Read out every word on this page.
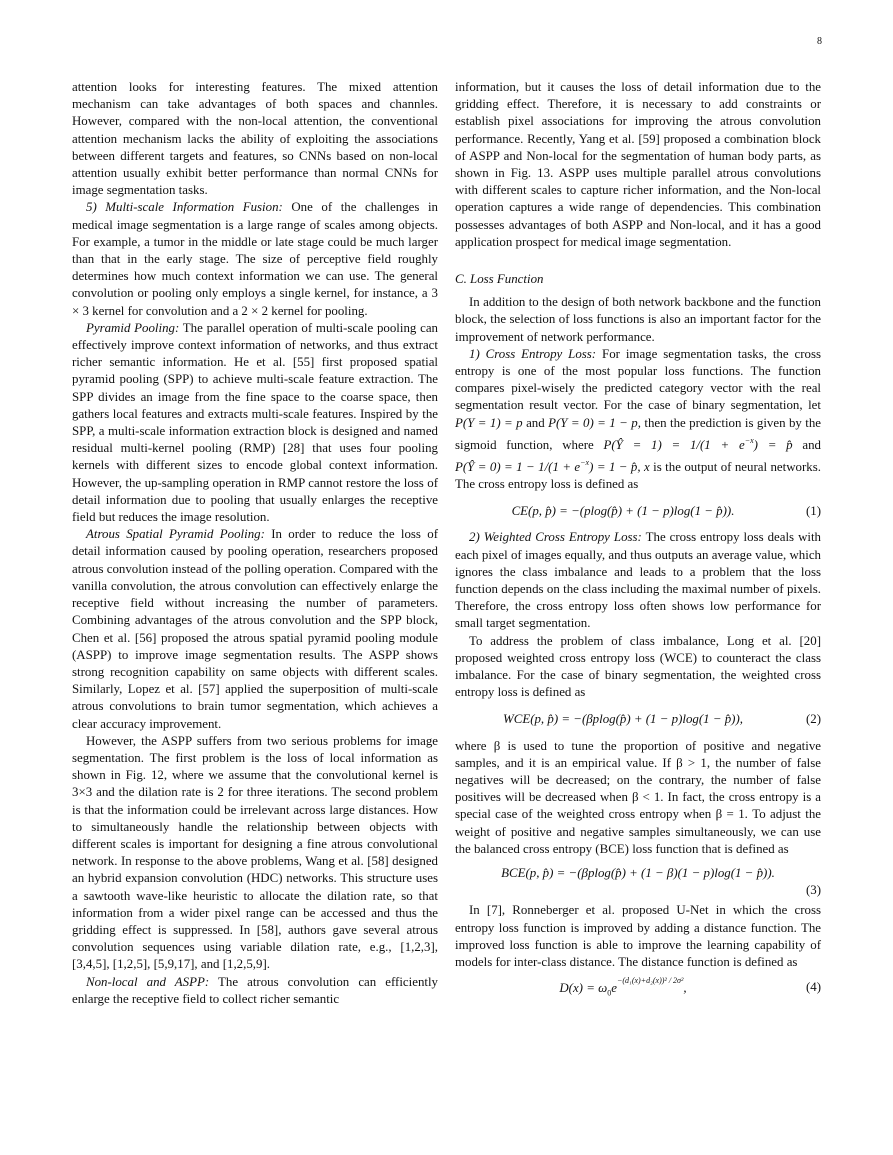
8

attention looks for interesting features. The mixed attention mechanism can take advantages of both spaces and channles. However, compared with the non-local attention, the conventional attention mechanism lacks the ability of exploiting the associations between different targets and features, so CNNs based on non-local attention usually exhibit better performance than normal CNNs for image segmentation tasks.

5) Multi-scale Information Fusion: One of the challenges in medical image segmentation is a large range of scales among objects. For example, a tumor in the middle or late stage could be much larger than that in the early stage. The size of perceptive field roughly determines how much context information we can use. The general convolution or pooling only employs a single kernel, for instance, a 3 × 3 kernel for convolution and a 2 × 2 kernel for pooling.

Pyramid Pooling: The parallel operation of multi-scale pooling can effectively improve context information of networks, and thus extract richer semantic information. He et al. [55] first proposed spatial pyramid pooling (SPP) to achieve multi-scale feature extraction. The SPP divides an image from the fine space to the coarse space, then gathers local features and extracts multi-scale features. Inspired by the SPP, a multi-scale information extraction block is designed and named residual multi-kernel pooling (RMP) [28] that uses four pooling kernels with different sizes to encode global context information. However, the up-sampling operation in RMP cannot restore the loss of detail information due to pooling that usually enlarges the receptive field but reduces the image resolution.

Atrous Spatial Pyramid Pooling: In order to reduce the loss of detail information caused by pooling operation, researchers proposed atrous convolution instead of the polling operation. Compared with the vanilla convolution, the atrous convolution can effectively enlarge the receptive field without increasing the number of parameters. Combining advantages of the atrous convolution and the SPP block, Chen et al. [56] proposed the atrous spatial pyramid pooling module (ASPP) to improve image segmentation results. The ASPP shows strong recognition capability on same objects with different scales. Similarly, Lopez et al. [57] applied the superposition of multi-scale atrous convolutions to brain tumor segmentation, which achieves a clear accuracy improvement.

However, the ASPP suffers from two serious problems for image segmentation. The first problem is the loss of local information as shown in Fig. 12, where we assume that the convolutional kernel is 3×3 and the dilation rate is 2 for three iterations. The second problem is that the information could be irrelevant across large distances. How to simultaneously handle the relationship between objects with different scales is important for designing a fine atrous convolutional network. In response to the above problems, Wang et al. [58] designed an hybrid expansion convolution (HDC) networks. This structure uses a sawtooth wave-like heuristic to allocate the dilation rate, so that information from a wider pixel range can be accessed and thus the gridding effect is suppressed. In [58], authors gave several atrous convolution sequences using variable dilation rate, e.g., [1,2,3], [3,4,5], [1,2,5], [5,9,17], and [1,2,5,9].

Non-local and ASPP: The atrous convolution can efficiently enlarge the receptive field to collect richer semantic

information, but it causes the loss of detail information due to the gridding effect. Therefore, it is necessary to add constraints or establish pixel associations for improving the atrous convolution performance. Recently, Yang et al. [59] proposed a combination block of ASPP and Non-local for the segmentation of human body parts, as shown in Fig. 13. ASPP uses multiple parallel atrous convolutions with different scales to capture richer information, and the Non-local operation captures a wide range of dependencies. This combination possesses advantages of both ASPP and Non-local, and it has a good application prospect for medical image segmentation.

C. Loss Function

In addition to the design of both network backbone and the function block, the selection of loss functions is also an important factor for the improvement of network performance.

1) Cross Entropy Loss: For image segmentation tasks, the cross entropy is one of the most popular loss functions. The function compares pixel-wisely the predicted category vector with the real segmentation result vector. For the case of binary segmentation, let P(Y = 1) = p and P(Y = 0) = 1 − p, then the prediction is given by the sigmoid function, where P(Ŷ = $1) = 1/(1 + e^{-x})$ = p̂ and P(Ŷ = $0) = 1 - 1/(1 + e^{-x}) = 1$ − p̂, x is the output of neural networks. The cross entropy loss is defined as

CE(p, p̂) = −(plog(p̂) + (1 − p)log(1 − p̂)).	(1)

2) Weighted Cross Entropy Loss: The cross entropy loss deals with each pixel of images equally, and thus outputs an average value, which ignores the class imbalance and leads to a problem that the loss function depends on the class including the maximal number of pixels. Therefore, the cross entropy loss often shows low performance for small target segmentation.

To address the problem of class imbalance, Long et al. [20] proposed weighted cross entropy loss (WCE) to counteract the class imbalance. For the case of binary segmentation, the weighted cross entropy loss is defined as

WCE(p, p̂) = −(βplog(p̂) + (1 − p)log(1 − p̂)),	(2)

where β is used to tune the proportion of positive and negative samples, and it is an empirical value. If β > 1, the number of false negatives will be decreased; on the contrary, the number of false positives will be decreased when β < 1. In fact, the cross entropy is a special case of the weighted cross entropy when β = 1. To adjust the weight of positive and negative samples simultaneously, we can use the balanced cross entropy (BCE) loss function that is defined as

BCE(p, p̂) = −(βplog(p̂) + (1 − β)(1 − p)log(1 − p̂)).
(3)

In [7], Ronneberger et al. proposed U-Net in which the cross entropy loss function is improved by adding a distance function. The improved loss function is able to improve the learning capability of models for inter-class distance. The distance function is defined as

$D(x) = \omega_0e^{-(d_1(x)+d_2(x))^2 / 2\sigma^2}$,	(4)
